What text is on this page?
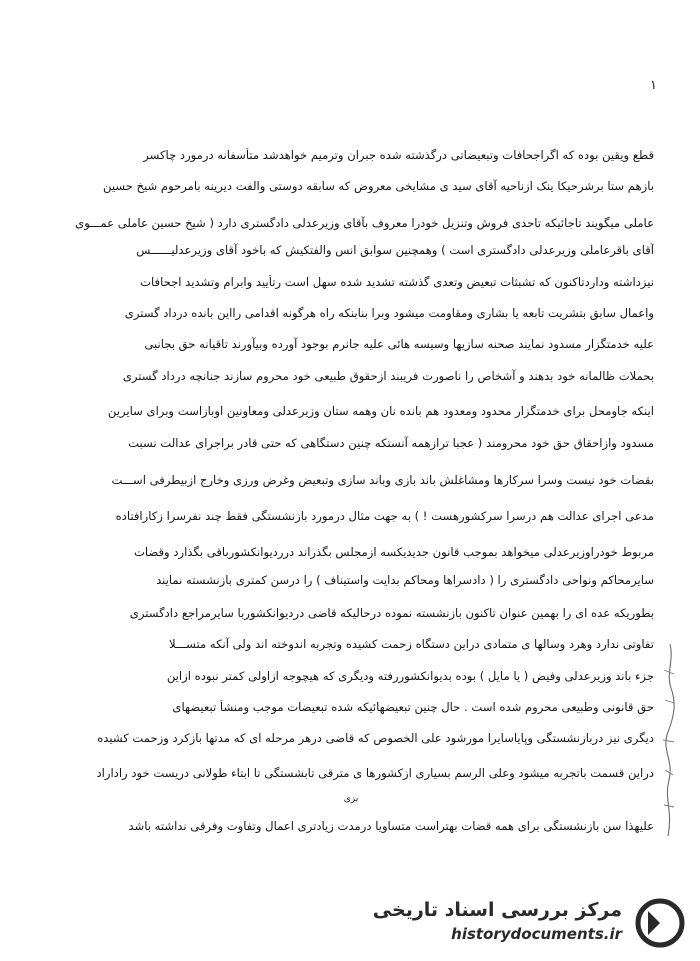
۱
قطع ویقین بوده که اگراجحافات وتبعیضاتی درگذشته شده جبران وترمیم خواهدشد متأسفانه درمورد چاکسر
بازهم ستا برشرحیکا ینک ازناحیه آقای سید ی مشایخی معروض که سابقه دوستی والفت دیرینه بامرحوم شیخ حسین
عاملی میگویند تاجائیکه تاحدی فروش وتنزیل خودرا معروف بآقای وزیرعدلی دادگستری دارد ( شیخ حسین عاملی عمـــوی
آقای باقرعاملی وزیرعدلی دادگستری است ) وهمچنین سوابق انس والفتکیش که باخود آقای وزیرعدلیــــــس
نیزداشته وداردتاکنون که تشبثات تبعیض وتعدی گذشته تشدید شده سهل است رتأیید وابرام وتشدید اجحافات
واعمال سابق بتشریت تابعه یا بشاری ومقاومت میشود وبرا بنابنکه راه هرگونه اقدامی رااین بانده درداد گستری
علیه خدمتگزار مسدود نمایند صحنه سازیها وسیسه هائی علیه جانرم بوجود آورده وبیآورند تاقیانه حق بجانبی
بحملات ظالمانه خود بدهند و آشخاص را ناصورت فریبند ازحقوق طبیعی خود محروم سازند جنانچه درداد گستری
اینکه جاومحل برای خدمتگزار محدود ومعدود هم بانده نان وهمه ستان وزیرعدلی ومعاونین اوبازاست وبرای سایرین
مسدود وازاحقاق حق خود محرومند ( عجبا ترازهمه آنستکه چنین دستگاهی که حتی قادر براجرای عدالت نسبت
بقضات خود نیست وسرا سرکارها ومشاغلش باند بازی وباند سازی وتبعیض وغرض ورزی وخارج ازبیطرفی اســـت
مدعی اجرای عدالت هم درسرا سرکشورهست ! ) به جهت مثال درمورد بازنشستگی فقط چند نفرسرا زکارافتاده
مربوط خودراوزیرعدلی میخواهد بموجب قانون جدیدیکسه ازمجلس بگذراند درردیوانکشورباقی بگذارد وقضات
سایرمحاکم ونواحی دادگستری را ( دادسراها ومحاکم بدایت واستیناف ) را درسن کمتری بازنشسته نمایند
بطوریکه عده ای را بهمین عنوان تاکنون بازنشسته نموده درحالیکه قاضی دردیوانکشوربا سایرمراجع دادگستری
تفاوتی ندارد وهرد وسالها ی متمادی دراین دستگاه زحمت کشیده وتجربه اندوخته اند ولی آنکه متســـلا
جزء باند وزیرعدلی وفیض ( یا مایل ) بوده بدیوانکشوررفته ودیگری که هیچوجه ازاولی کمتر نبوده ازاین
حق قانونی وطبیعی محروم شده است . حال چنین تبعیضهائیکه شده تبعیضات موجب ومنشأ تبعیضهای
دیگری نیز دربازنشستگی وپایاسایرا مورشود علی الخصوص که قاضی درهر مرحله ای که مدتها بازکرد وزحمت کشیده
دراین قسمت باتجربه میشود وعلی الرسم بسیاری ازکشورها ی مترقی تابشستگی تا ابتاء طولانی دریست خود راداراد
بزی
علیهذا سن بازنشستگی برای همه قضات بهتراست متساویا درمدت زیادتری اعمال وتفاوت وفرقی نداشته باشد
مرکز بررسی اسناد تاریخی
historydocuments.ir
